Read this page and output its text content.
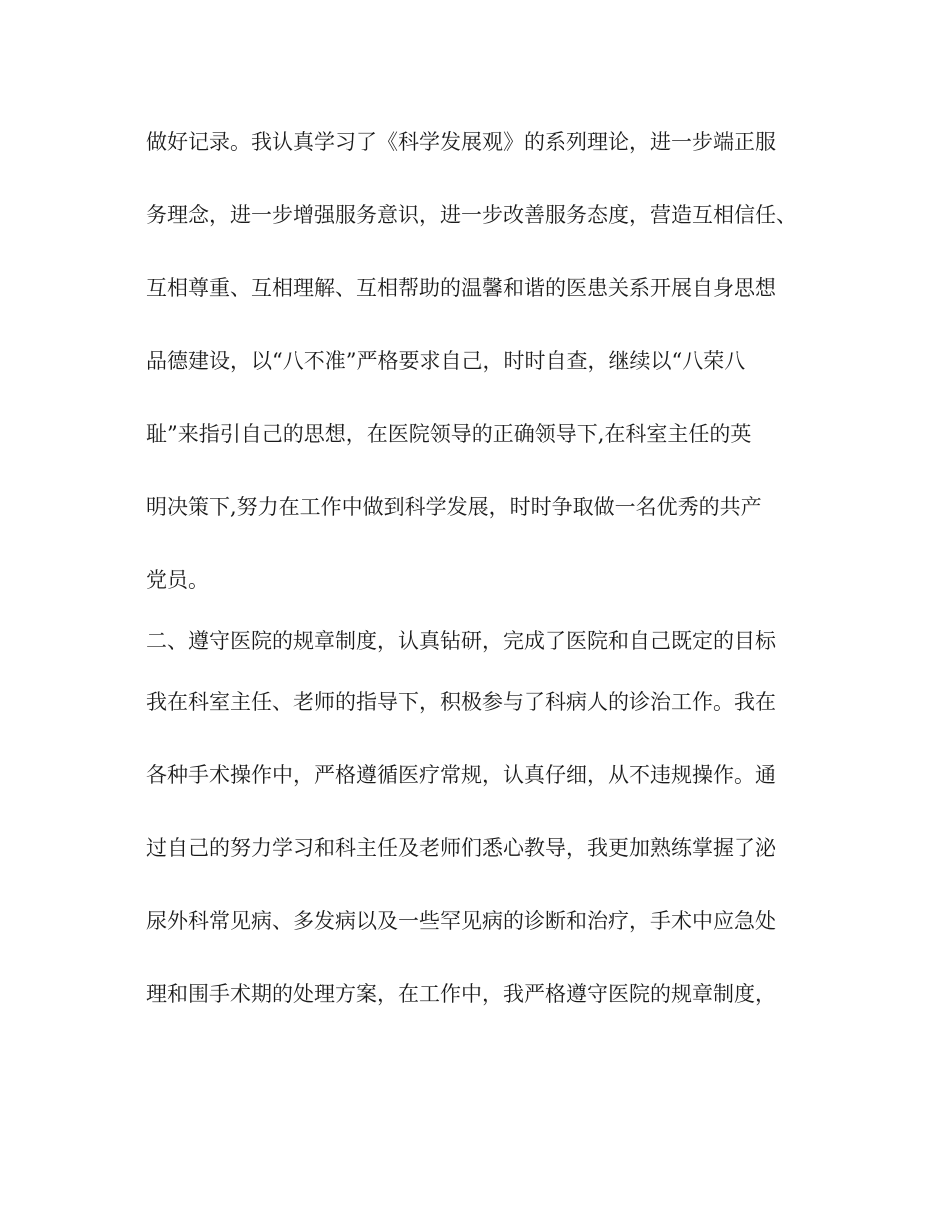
做好记录。我认真学习了《科学发展观》的系列理论，进一步端正服
务理念，进一步增强服务意识，进一步改善服务态度，营造互相信任、
互相尊重、互相理解、互相帮助的温馨和谐的医患关系开展自身思想
品德建设，以“八不准”严格要求自己，时时自查，继续以“八荣八
耻”来指引自己的思想，在医院领导的正确领导下,在科室主任的英
明决策下,努力在工作中做到科学发展，时时争取做一名优秀的共产
党员。
二、遵守医院的规章制度，认真钻研，完成了医院和自己既定的目标
我在科室主任、老师的指导下，积极参与了科病人的诊治工作。我在
各种手术操作中，严格遵循医疗常规，认真仔细，从不违规操作。通
过自己的努力学习和科主任及老师们悉心教导，我更加熟练掌握了泌
尿外科常见病、多发病以及一些罕见病的诊断和治疗，手术中应急处
理和围手术期的处理方案，在工作中，我严格遵守医院的规章制度，
